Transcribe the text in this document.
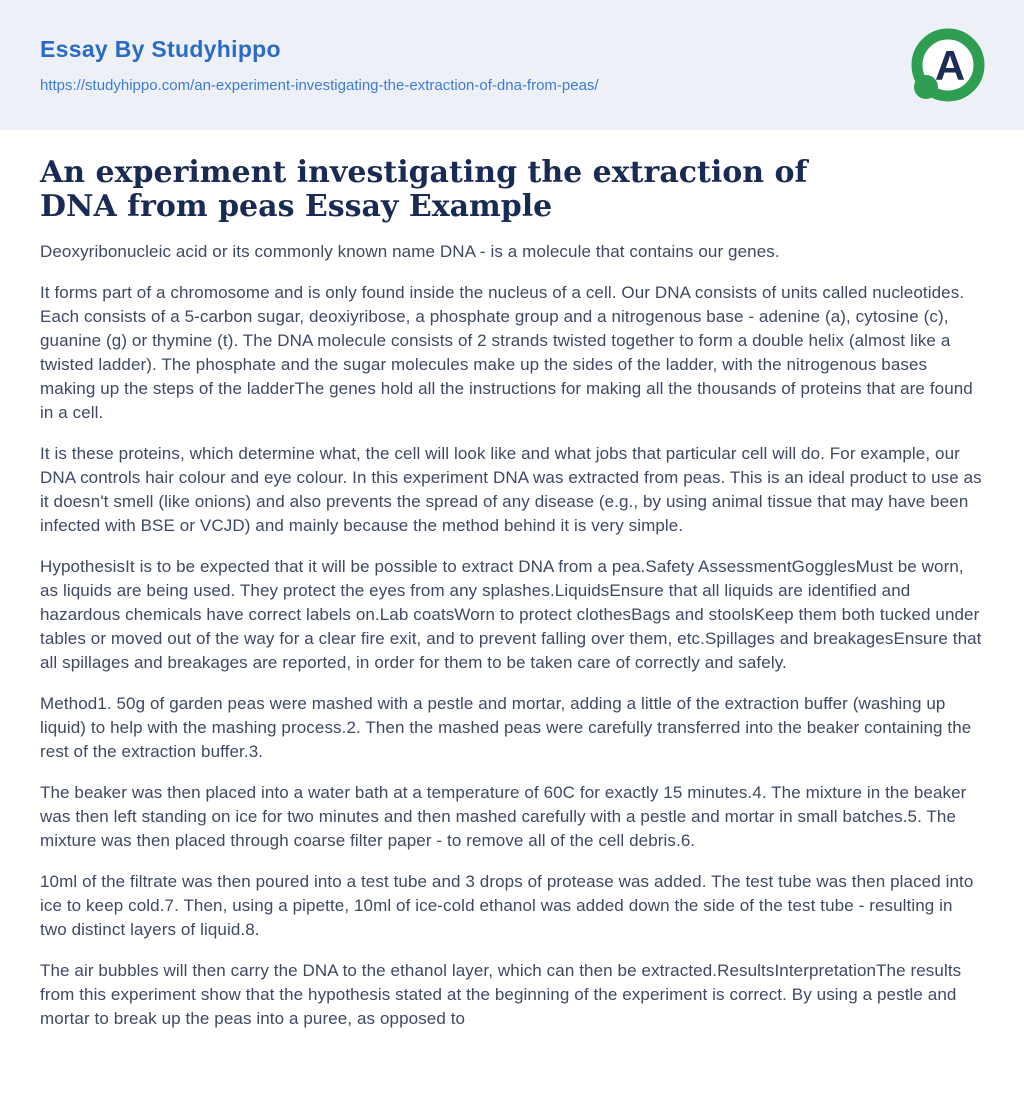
Essay By Studyhippo
https://studyhippo.com/an-experiment-investigating-the-extraction-of-dna-from-peas/	A
An experiment investigating the extraction of
DNA from peas Essay Example

Deoxyribonucleic acid or its commonly known name DNA - is a molecule that contains our genes.

It forms part of a chromosome and is only found inside the nucleus of a cell. Our DNA consists of units called nucleotides. Each consists of a 5-carbon sugar, deoxiyribose, a phosphate group and a nitrogenous base - adenine (a), cytosine (c), guanine (g) or thymine (t). The DNA molecule consists of 2 strands twisted together to form a double helix (almost like a twisted ladder). The phosphate and the sugar molecules make up the sides of the ladder, with the nitrogenous bases making up the steps of the ladderThe genes hold all the instructions for making all the thousands of proteins that are found in a cell.

It is these proteins, which determine what, the cell will look like and what jobs that particular cell will do. For example, our DNA controls hair colour and eye colour. In this experiment DNA was extracted from peas. This is an ideal product to use as it doesn't smell (like onions) and also prevents the spread of any disease (e.g., by using animal tissue that may have been infected with BSE or VCJD) and mainly because the method behind it is very simple.

HypothesisIt is to be expected that it will be possible to extract DNA from a pea.Safety AssessmentGogglesMust be worn, as liquids are being used. They protect the eyes from any splashes.LiquidsEnsure that all liquids are identified and hazardous chemicals have correct labels on.Lab coatsWorn to protect clothesBags and stoolsKeep them both tucked under tables or moved out of the way for a clear fire exit, and to prevent falling over them, etc.Spillages and breakagesEnsure that all spillages and breakages are reported, in order for them to be taken care of correctly and safely.

Method1. 50g of garden peas were mashed with a pestle and mortar, adding a little of the extraction buffer (washing up liquid) to help with the mashing process.2. Then the mashed peas were carefully transferred into the beaker containing the rest of the extraction buffer.3.

The beaker was then placed into a water bath at a temperature of 60C for exactly 15 minutes.4. The mixture in the beaker was then left standing on ice for two minutes and then mashed carefully with a pestle and mortar in small batches.5. The mixture was then placed through coarse filter paper - to remove all of the cell debris.6.

10ml of the filtrate was then poured into a test tube and 3 drops of protease was added. The test tube was then placed into ice to keep cold.7. Then, using a pipette, 10ml of ice-cold ethanol was added down the side of the test tube - resulting in two distinct layers of liquid.8.

The air bubbles will then carry the DNA to the ethanol layer, which can then be extracted.ResultsInterpretationThe results from this experiment show that the hypothesis stated at the beginning of the experiment is correct. By using a pestle and mortar to break up the peas into a puree, as opposed to
